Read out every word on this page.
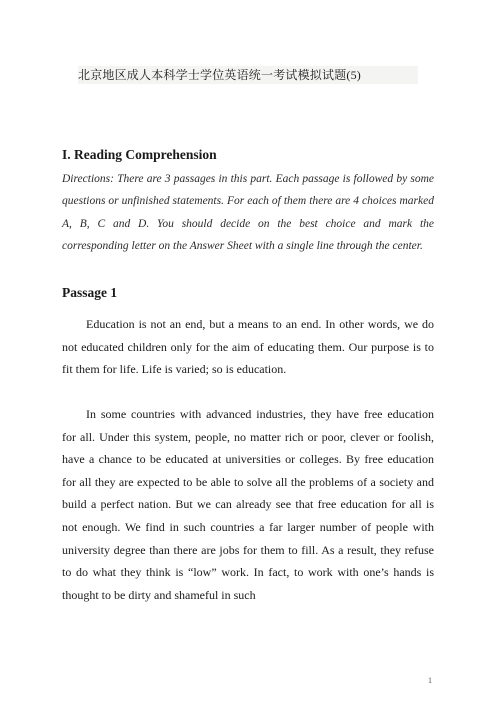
北京地区成人本科学士学位英语统一考试模拟试题(5)
I. Reading Comprehension

Directions: There are 3 passages in this part. Each passage is followed by some questions or unfinished statements. For each of them there are 4 choices marked A, B, C and D. You should decide on the best choice and mark the corresponding letter on the Answer Sheet with a single line through the center.

Passage 1

Education is not an end, but a means to an end. In other words, we do not educated children only for the aim of educating them. Our purpose is to fit them for life. Life is varied; so is education.

In some countries with advanced industries, they have free education for all. Under this system, people, no matter rich or poor, clever or foolish, have a chance to be educated at universities or colleges. By free education for all they are expected to be able to solve all the problems of a society and build a perfect nation. But we can already see that free education for all is not enough. We find in such countries a far larger number of people with university degree than there are jobs for them to fill. As a result, they refuse to do what they think is “low” work. In fact, to work with one’s hands is thought to be dirty and shameful in such

1
